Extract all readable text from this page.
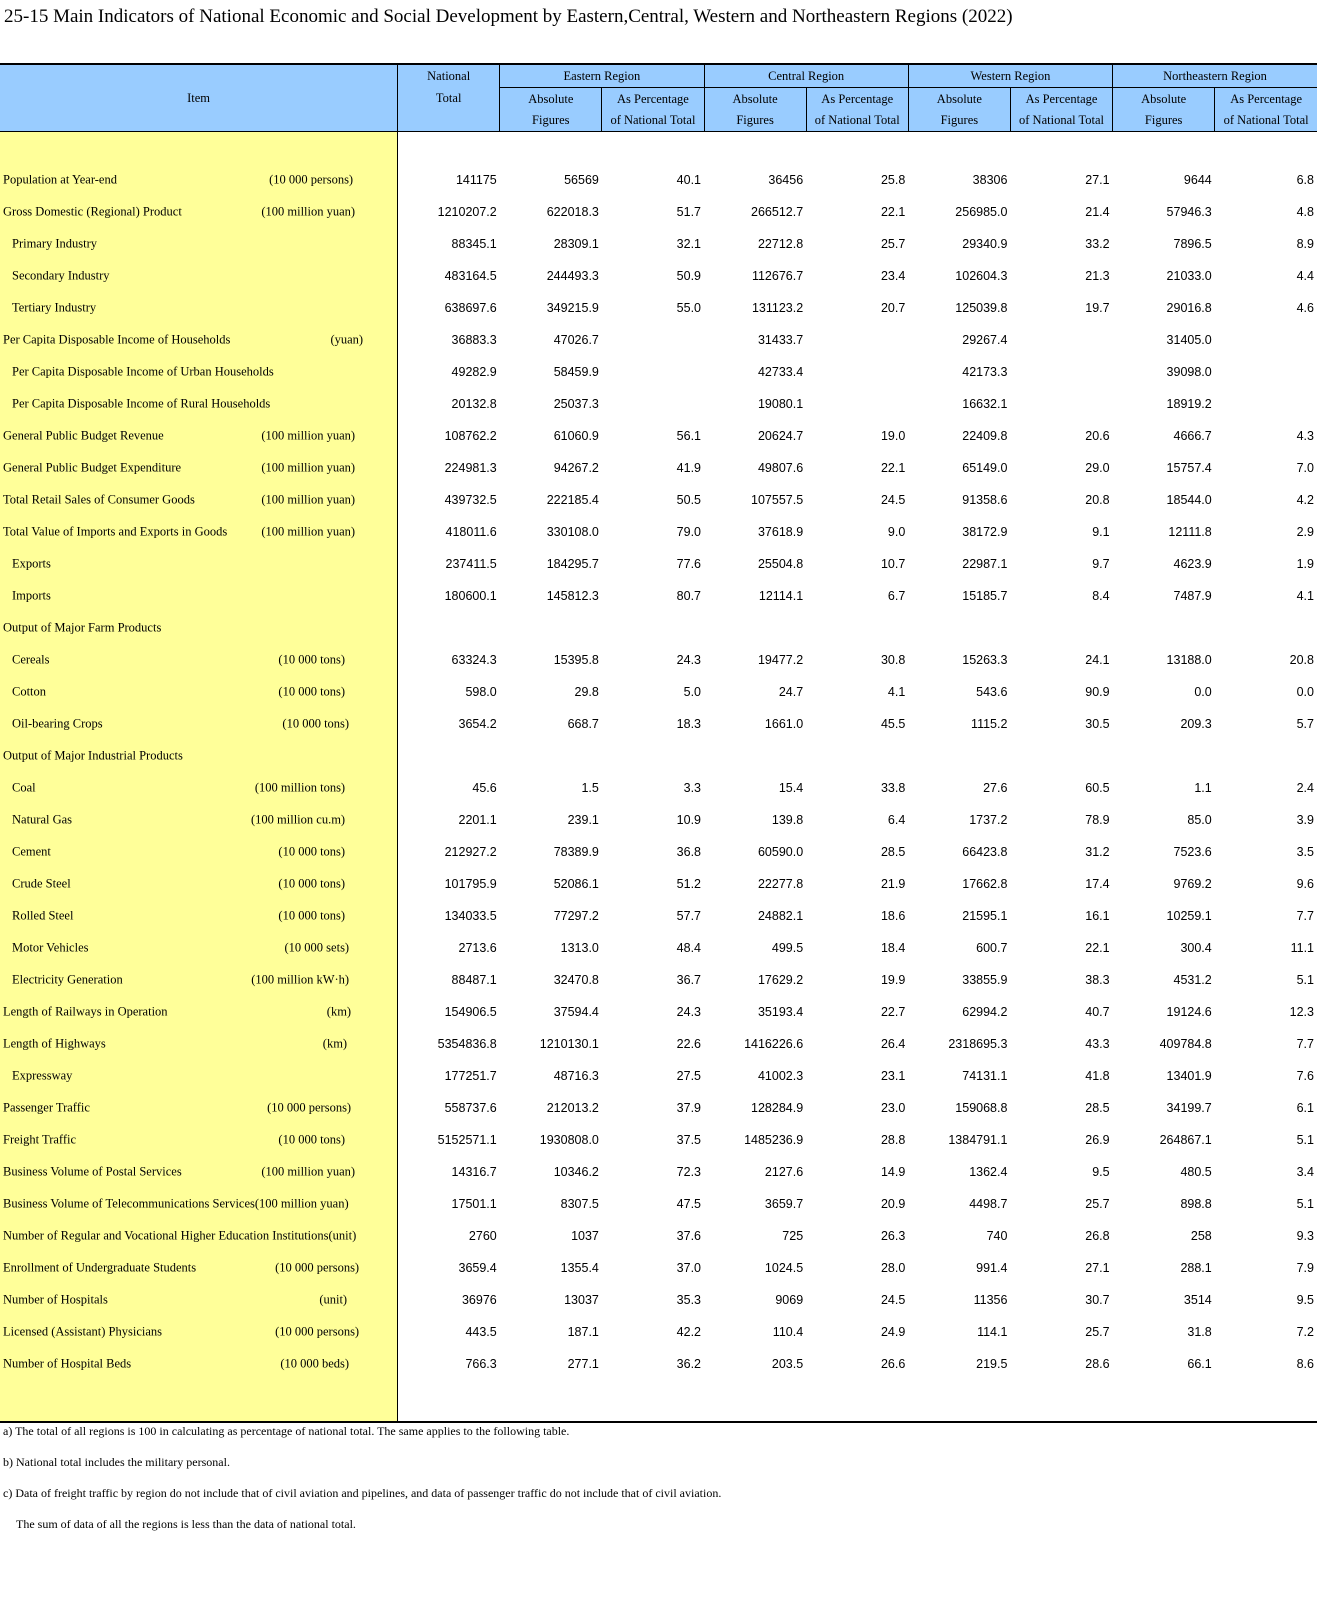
25-15 Main Indicators of National Economic and Social Development by Eastern,Central, Western and Northeastern Regions (2022)
Item	National
Total	Eastern Region		Central Region		Western Region		Northeastern Region	
		Absolute	As Percentage	Absolute	As Percentage	Absolute	As Percentage	Absolute	As Percentage
		Figures	of National Total	Figures	of National Total	Figures	of National Total	Figures	of National Total

Population at Year-end (10 000 persons)	141175	56569	40.1	36456	25.8	38306	27.1	9644	6.8

Gross Domestic (Regional) Product (100 million yuan)	1210207.2	622018.3	51.7	266512.7	22.1	256985.0	21.4	57946.3	4.8

Primary Industry	88345.1	28309.1	32.1	22712.8	25.7	29340.9	33.2	7896.5	8.9

Secondary Industry	483164.5	244493.3	50.9	112676.7	23.4	102604.3	21.3	21033.0	4.4

Tertiary Industry	638697.6	349215.9	55.0	131123.2	20.7	125039.8	19.7	29016.8	4.6

Per Capita Disposable Income of Households (yuan)	36883.3	47026.7		31433.7		29267.4		31405.0	

Per Capita Disposable Income of Urban Households	49282.9	58459.9		42733.4		42173.3		39098.0	

Per Capita Disposable Income of Rural Households	20132.8	25037.3		19080.1		16632.1		18919.2	

General Public Budget Revenue (100 million yuan)	108762.2	61060.9	56.1	20624.7	19.0	22409.8	20.6	4666.7	4.3

General Public Budget Expenditure (100 million yuan)	224981.3	94267.2	41.9	49807.6	22.1	65149.0	29.0	15757.4	7.0

Total Retail Sales of Consumer Goods (100 million yuan)	439732.5	222185.4	50.5	107557.5	24.5	91358.6	20.8	18544.0	4.2

Total Value of Imports and Exports in Goods (100 million yuan)	418011.6	330108.0	79.0	37618.9	9.0	38172.9	9.1	12111.8	2.9

Exports	237411.5	184295.7	77.6	25504.8	10.7	22987.1	9.7	4623.9	1.9

Imports	180600.1	145812.3	80.7	12114.1	6.7	15185.7	8.4	7487.9	4.1

Output of Major Farm Products									

Cereals (10 000 tons)	63324.3	15395.8	24.3	19477.2	30.8	15263.3	24.1	13188.0	20.8

Cotton (10 000 tons)	598.0	29.8	5.0	24.7	4.1	543.6	90.9	0.0	0.0

Oil-bearing Crops (10 000 tons)	3654.2	668.7	18.3	1661.0	45.5	1115.2	30.5	209.3	5.7

Output of Major Industrial Products									

Coal (100 million tons)	45.6	1.5	3.3	15.4	33.8	27.6	60.5	1.1	2.4

Natural Gas (100 million cu.m)	2201.1	239.1	10.9	139.8	6.4	1737.2	78.9	85.0	3.9

Cement (10 000 tons)	212927.2	78389.9	36.8	60590.0	28.5	66423.8	31.2	7523.6	3.5

Crude Steel (10 000 tons)	101795.9	52086.1	51.2	22277.8	21.9	17662.8	17.4	9769.2	9.6

Rolled Steel (10 000 tons)	134033.5	77297.2	57.7	24882.1	18.6	21595.1	16.1	10259.1	7.7

Motor Vehicles (10 000 sets)	2713.6	1313.0	48.4	499.5	18.4	600.7	22.1	300.4	11.1

Electricity Generation (100 million kW·h)	88487.1	32470.8	36.7	17629.2	19.9	33855.9	38.3	4531.2	5.1

Length of Railways in Operation (km)	154906.5	37594.4	24.3	35193.4	22.7	62994.2	40.7	19124.6	12.3

Length of Highways (km)	5354836.8	1210130.1	22.6	1416226.6	26.4	2318695.3	43.3	409784.8	7.7

Expressway	177251.7	48716.3	27.5	41002.3	23.1	74131.1	41.8	13401.9	7.6

Passenger Traffic (10 000 persons)	558737.6	212013.2	37.9	128284.9	23.0	159068.8	28.5	34199.7	6.1

Freight Traffic (10 000 tons)	5152571.1	1930808.0	37.5	1485236.9	28.8	1384791.1	26.9	264867.1	5.1

Business Volume of Postal Services (100 million yuan)	14316.7	10346.2	72.3	2127.6	14.9	1362.4	9.5	480.5	3.4

Business Volume of Telecommunications Services(100 million yuan)	17501.1	8307.5	47.5	3659.7	20.9	4498.7	25.7	898.8	5.1

Number of Regular and Vocational Higher Education Institutions(unit)	2760	1037	37.6	725	26.3	740	26.8	258	9.3

Enrollment of Undergraduate Students (10 000 persons)	3659.4	1355.4	37.0	1024.5	28.0	991.4	27.1	288.1	7.9

Number of Hospitals (unit)	36976	13037	35.3	9069	24.5	11356	30.7	3514	9.5

Licensed (Assistant) Physicians (10 000 persons)	443.5	187.1	42.2	110.4	24.9	114.1	25.7	31.8	7.2

Number of Hospital Beds (10 000 beds)	766.3	277.1	36.2	203.5	26.6	219.5	28.6	66.1	8.6

a) The total of all regions is 100 in calculating as percentage of national total. The same applies to the following table.
b) National total includes the military personal.
c) Data of freight traffic by region do not include that of civil aviation and pipelines, and data of passenger traffic do not include that of civil aviation.
The sum of data of all the regions is less than the data of national total.
